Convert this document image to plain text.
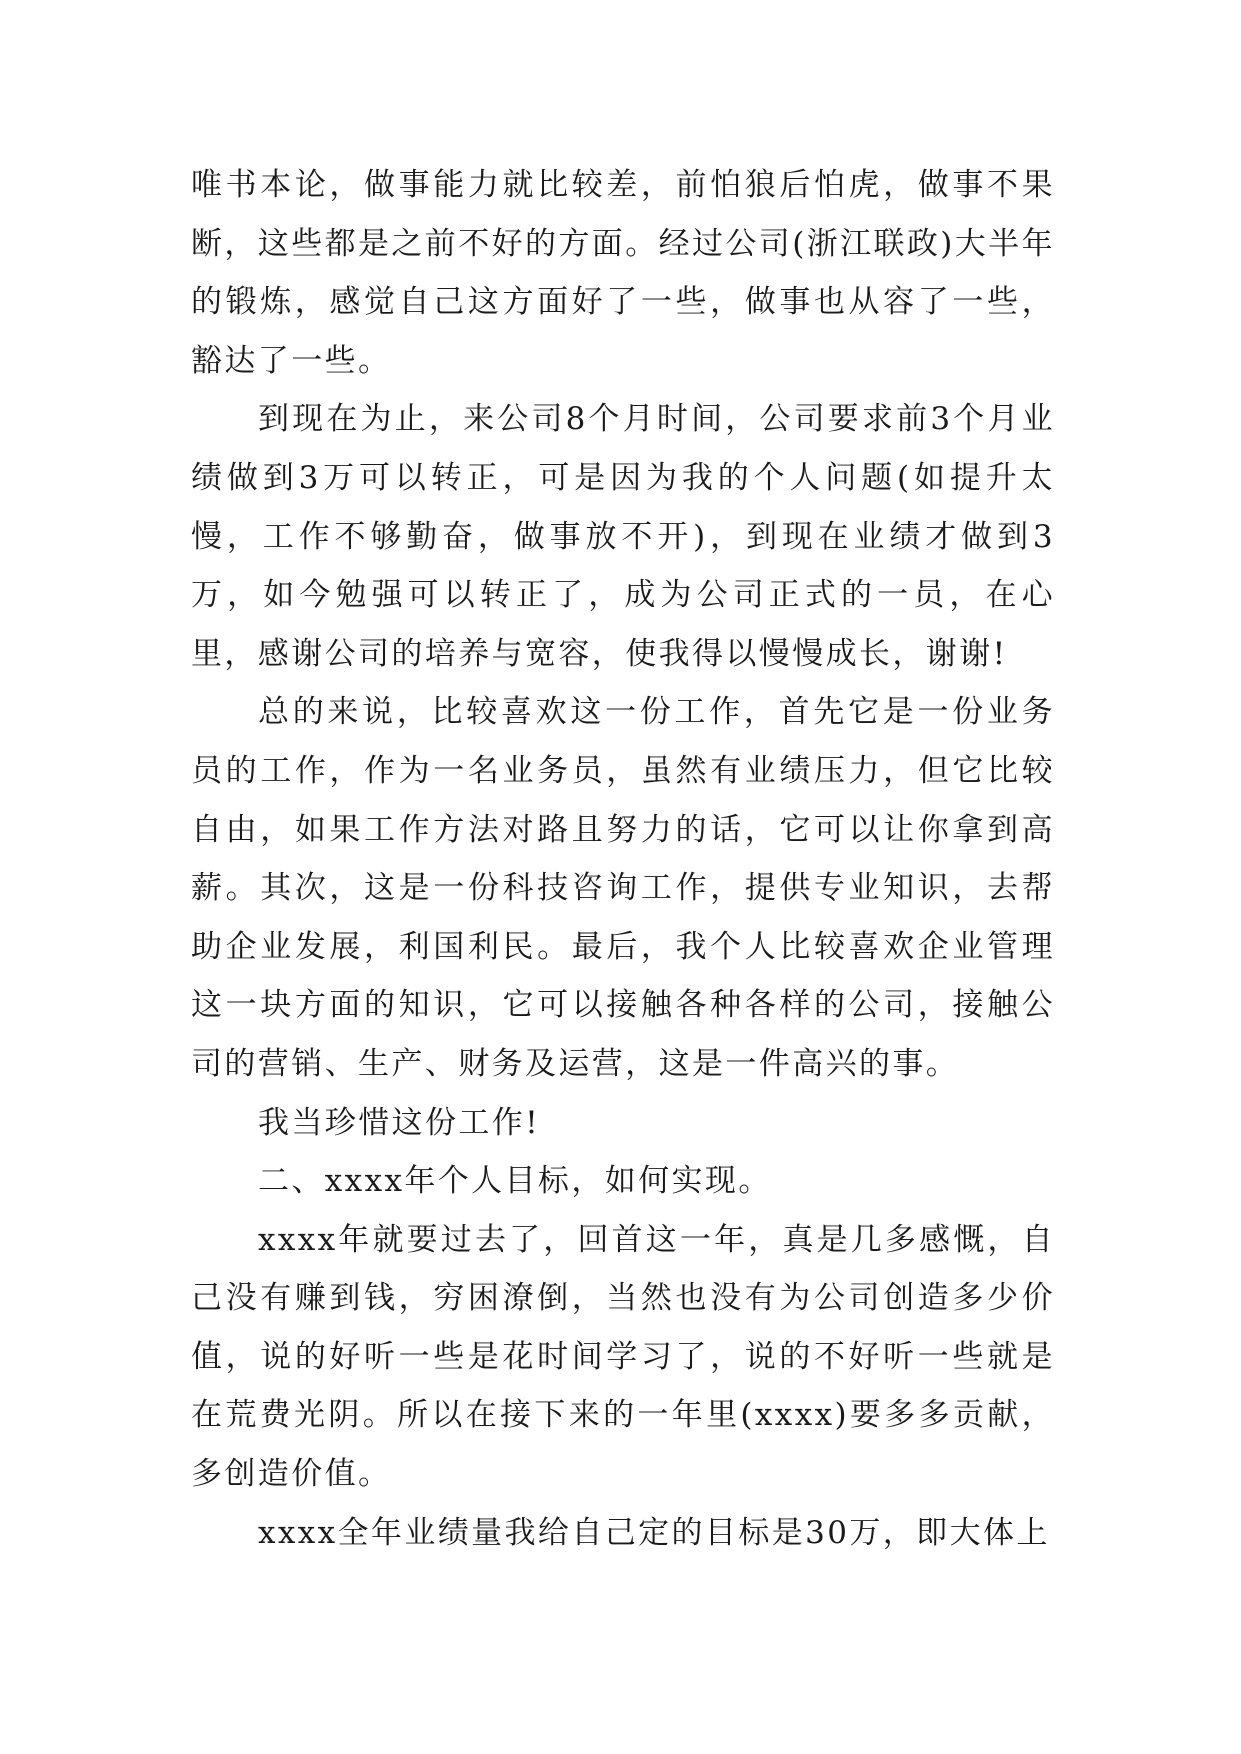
唯书本论，做事能力就比较差，前怕狼后怕虎，做事不果断，这些都是之前不好的方面。经过公司(浙江联政)大半年的锻炼，感觉自己这方面好了一些，做事也从容了一些，豁达了一些。

到现在为止，来公司8个月时间，公司要求前3个月业绩做到3万可以转正，可是因为我的个人问题(如提升太慢，工作不够勤奋，做事放不开)，到现在业绩才做到3万，如今勉强可以转正了，成为公司正式的一员，在心里，感谢公司的培养与宽容，使我得以慢慢成长，谢谢!

总的来说，比较喜欢这一份工作，首先它是一份业务员的工作，作为一名业务员，虽然有业绩压力，但它比较自由，如果工作方法对路且努力的话，它可以让你拿到高薪。其次，这是一份科技咨询工作，提供专业知识，去帮助企业发展，利国利民。最后，我个人比较喜欢企业管理这一块方面的知识，它可以接触各种各样的公司，接触公司的营销、生产、财务及运营，这是一件高兴的事。

我当珍惜这份工作!

二、xxxx年个人目标，如何实现。

xxxx年就要过去了，回首这一年，真是几多感慨，自己没有赚到钱，穷困潦倒，当然也没有为公司创造多少价值，说的好听一些是花时间学习了，说的不好听一些就是在荒费光阴。所以在接下来的一年里(xxxx)要多多贡献，多创造价值。

xxxx全年业绩量我给自己定的目标是30万，即大体上
